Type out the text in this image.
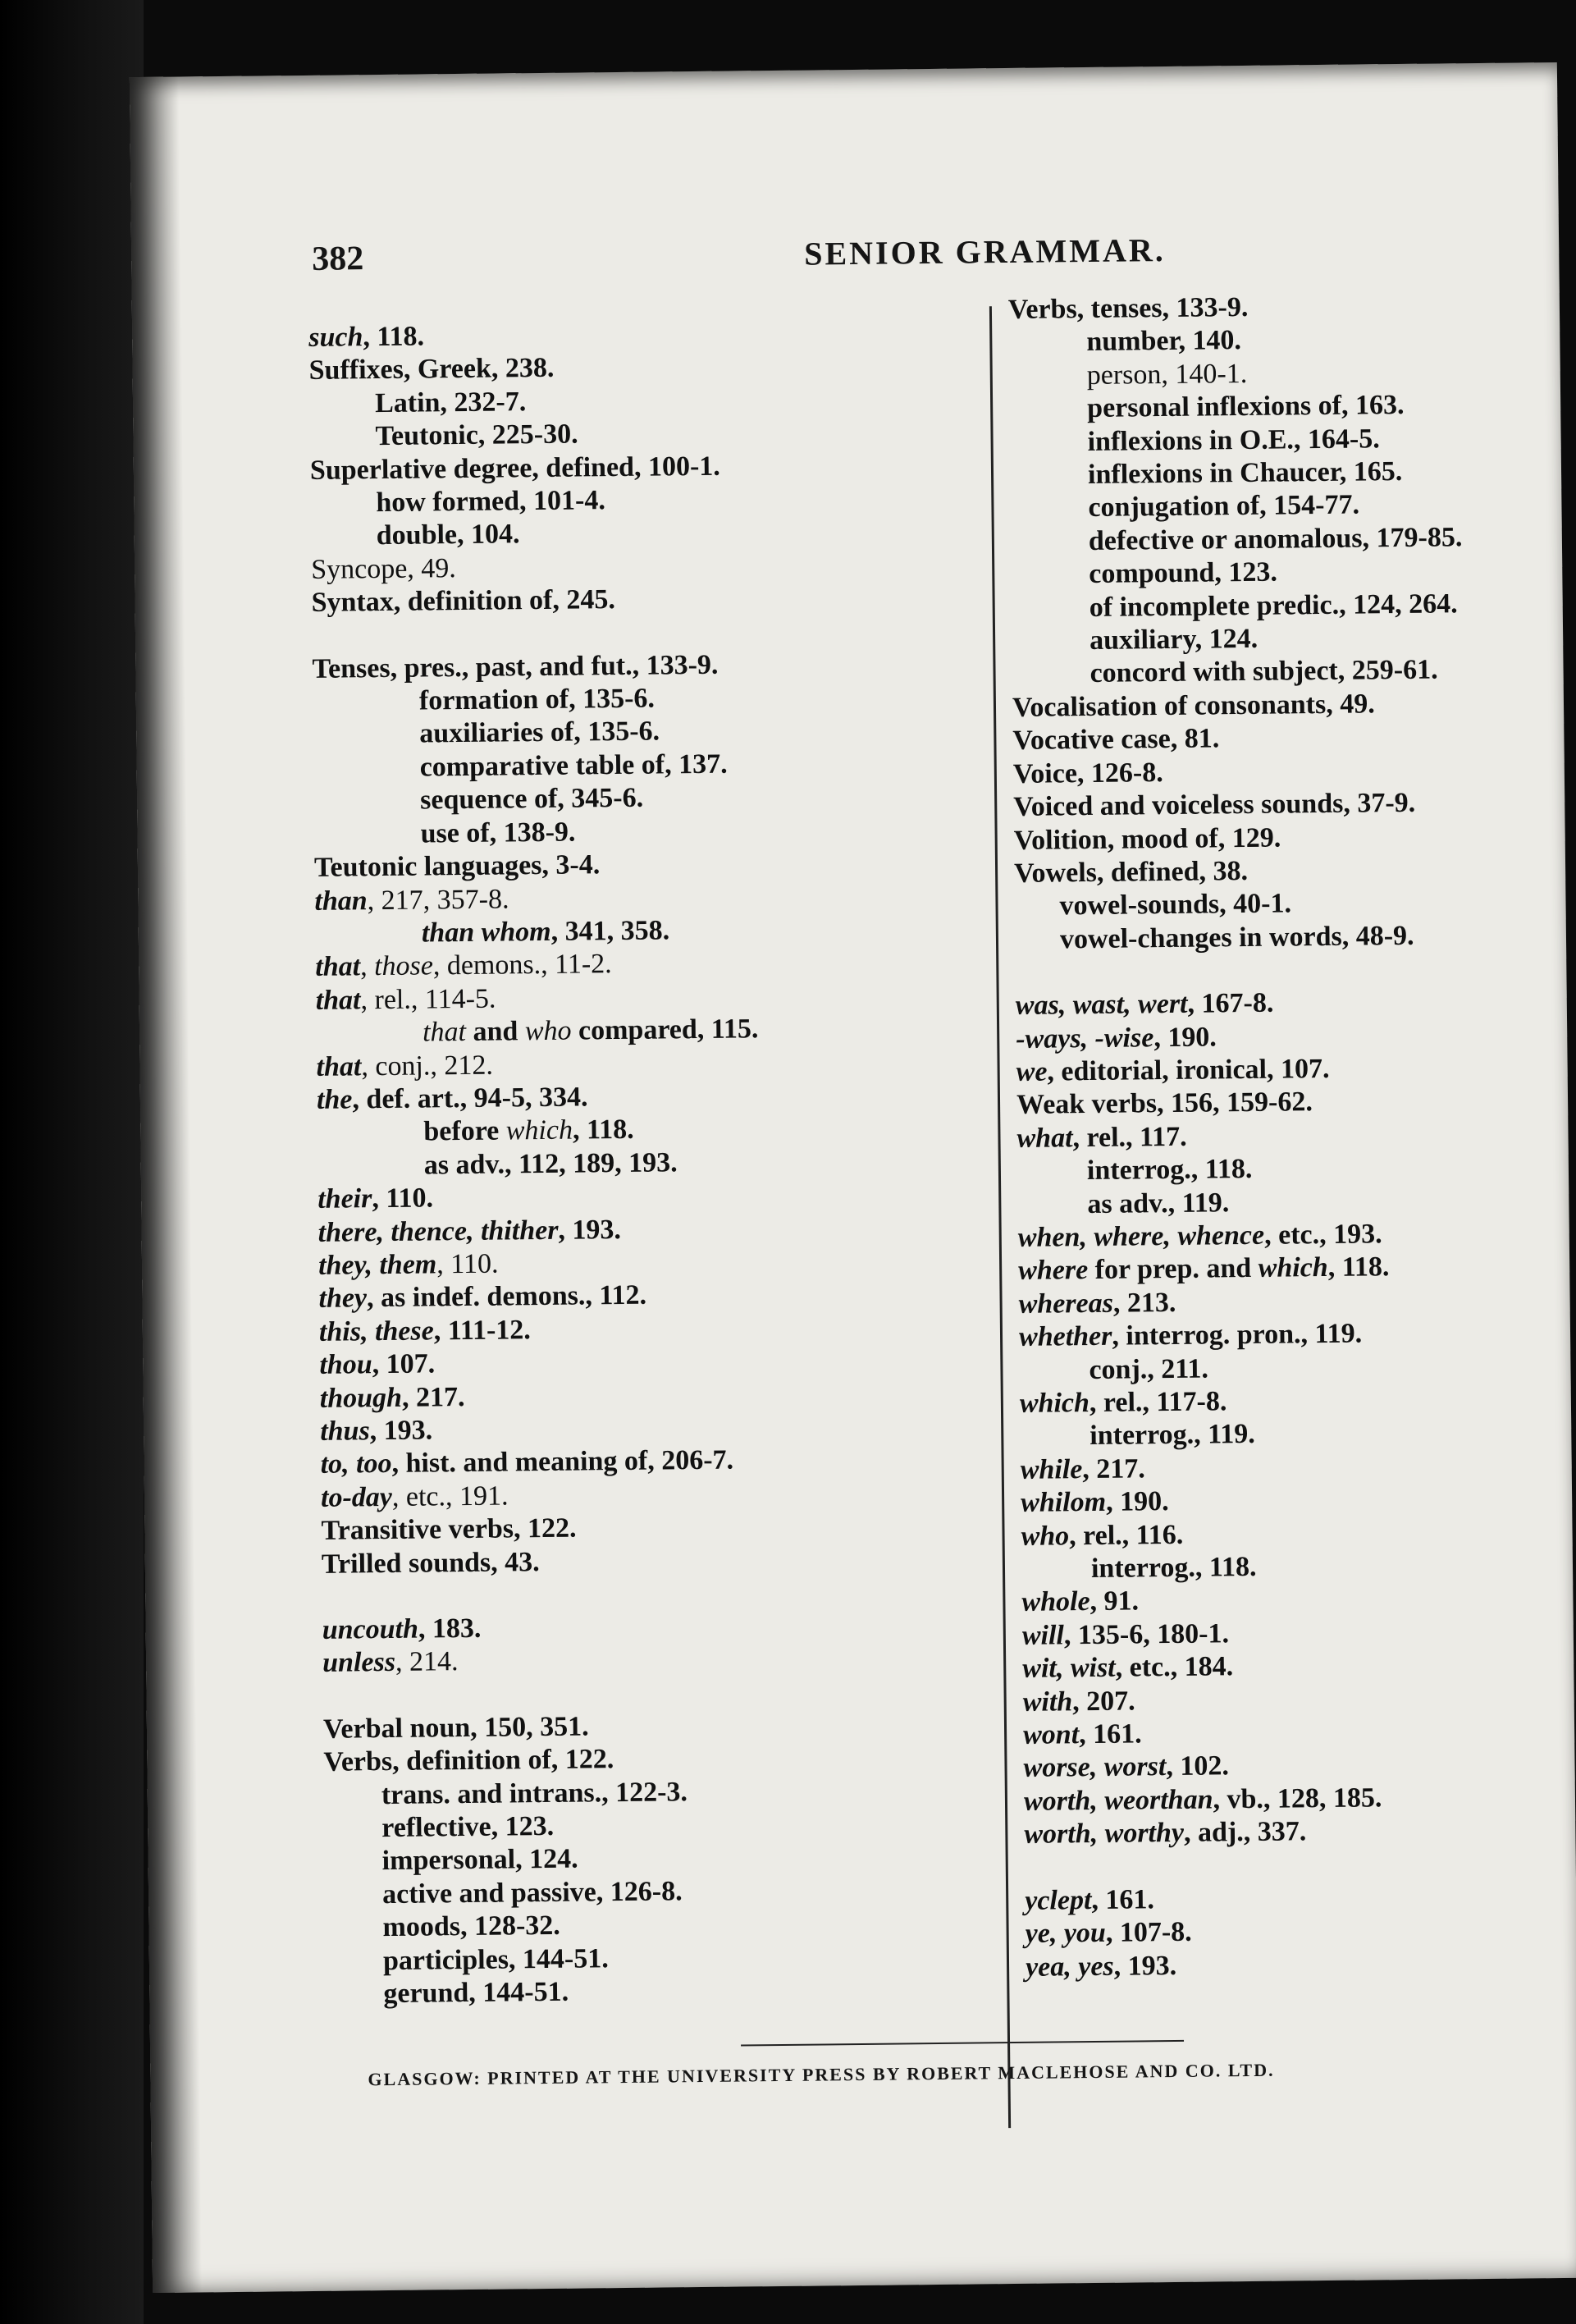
382	SENIOR GRAMMAR.
such, 118.
Suffixes, Greek, 238.
Latin, 232-7.
Teutonic, 225-30.
Superlative degree, defined, 100-1.
how formed, 101-4.
double, 104.
Syncope, 49.
Syntax, definition of, 245.
Tenses, pres., past, and fut., 133-9.
formation of, 135-6.
auxiliaries of, 135-6.
comparative table of, 137.
sequence of, 345-6.
use of, 138-9.
Teutonic languages, 3-4.
than, 217, 357-8.
than whom, 341, 358.
that, those, demons., 11-2.
that, rel., 114-5.
that and who compared, 115.
that, conj., 212.
the, def. art., 94-5, 334.
before which, 118.
as adv., 112, 189, 193.
their, 110.
there, thence, thither, 193.
they, them, 110.
they, as indef. demons., 112.
this, these, 111-12.
thou, 107.
though, 217.
thus, 193.
to, too, hist. and meaning of, 206-7.
to-day, etc., 191.
Transitive verbs, 122.
Trilled sounds, 43.
uncouth, 183.
unless, 214.
Verbal noun, 150, 351.
Verbs, definition of, 122.
trans. and intrans., 122-3.
reflective, 123.
impersonal, 124.
active and passive, 126-8.
moods, 128-32.
participles, 144-51.
gerund, 144-51.
Verbs, tenses, 133-9.
number, 140.
person, 140-1.
personal inflexions of, 163.
inflexions in O.E., 164-5.
inflexions in Chaucer, 165.
conjugation of, 154-77.
defective or anomalous, 179-85.
compound, 123.
of incomplete predic., 124, 264.
auxiliary, 124.
concord with subject, 259-61.
Vocalisation of consonants, 49.
Vocative case, 81.
Voice, 126-8.
Voiced and voiceless sounds, 37-9.
Volition, mood of, 129.
Vowels, defined, 38.
vowel-sounds, 40-1.
vowel-changes in words, 48-9.
was, wast, wert, 167-8.
-ways, -wise, 190.
we, editorial, ironical, 107.
Weak verbs, 156, 159-62.
what, rel., 117.
interrog., 118.
as adv., 119.
when, where, whence, etc., 193.
where for prep. and which, 118.
whereas, 213.
whether, interrog. pron., 119.
conj., 211.
which, rel., 117-8.
interrog., 119.
while, 217.
whilom, 190.
who, rel., 116.
interrog., 118.
whole, 91.
will, 135-6, 180-1.
wit, wist, etc., 184.
with, 207.
wont, 161.
worse, worst, 102.
worth, weorthan, vb., 128, 185.
worth, worthy, adj., 337.
yclept, 161.
ye, you, 107-8.
yea, yes, 193.
GLASGOW: PRINTED AT THE UNIVERSITY PRESS BY ROBERT MACLEHOSE AND CO. LTD.
